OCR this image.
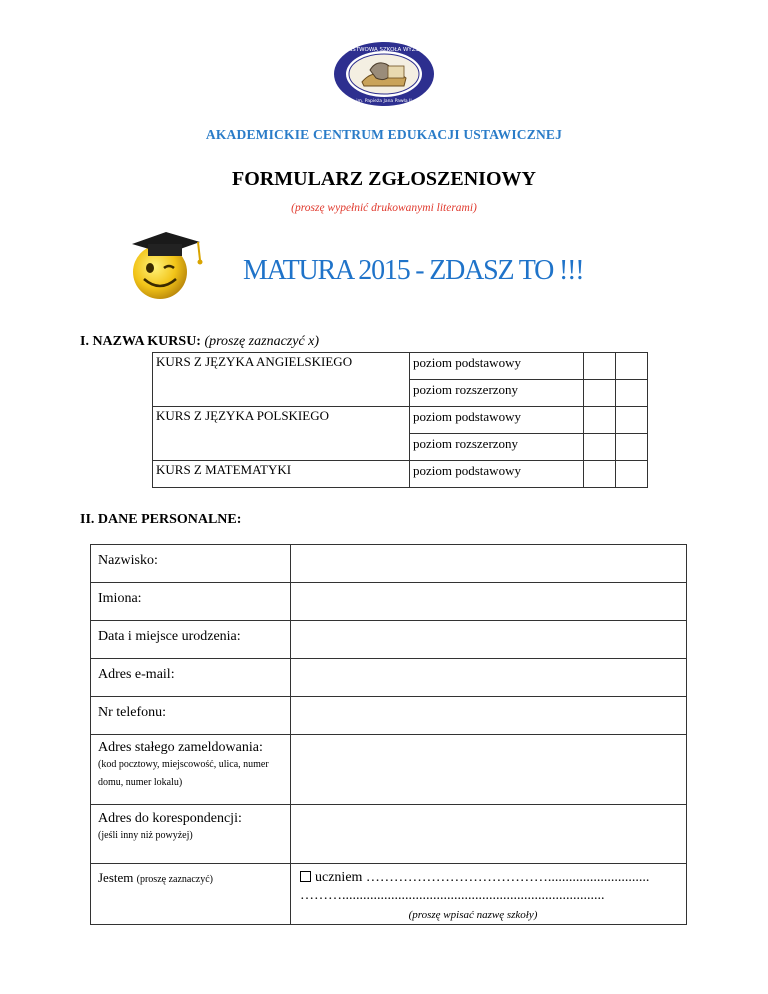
PAŃSTWOWA SZKOŁA WYŻSZA
im. Papieża Jana Pawła II
AKADEMICKIE CENTRUM EDUKACJI USTAWICZNEJ
FORMULARZ ZGŁOSZENIOWY
(proszę wypełnić drukowanymi literami)
MATURA 2015 - ZDASZ TO !!!
I. NAZWA KURSU: (proszę zaznaczyć x)
KURS Z JĘZYKA ANGIELSKIEGO	poziom podstawowy		
	poziom rozszerzony		
KURS Z JĘZYKA POLSKIEGO	poziom podstawowy		
	poziom rozszerzony		
KURS Z MATEMATYKI	poziom podstawowy		
II. DANE PERSONALNE:
Nazwisko:	
Imiona:	
Data i miejsce urodzenia:	
Adres e-mail:	
Nr telefonu:	

Adres stałego zameldowania:
(kod pocztowy, miejscowość, ulica, numer domu, numer lokalu)	

Adres do korespondencji:
(jeśli inny niż powyżej)	

Jestem (proszę zaznaczyć)	uczniem ………………………………….............................
………...........................................................................
(proszę wpisać nazwę szkoły)
